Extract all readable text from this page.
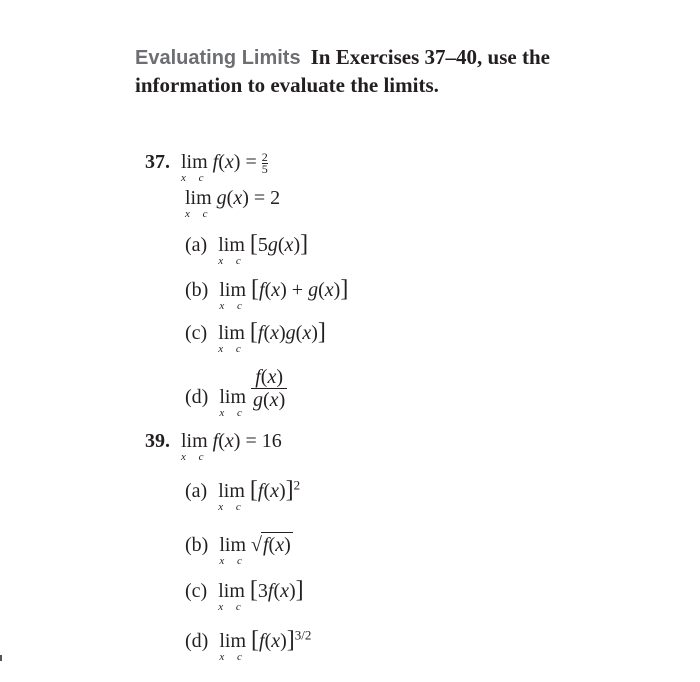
Evaluating Limits In Exercises 37–40, use the information to evaluate the limits.
37. lim
x c
$f(x) = \frac{2}{5}$
lim
x c
g(x) = 2
(a) lim
x c
[5g(x)]
(b) lim
x c
[f(x) + g(x)]
(c) lim
x c
[f(x)g(x)]
(d) lim
x c

$\frac{f(x)}{g(x)}$
39. lim
x c
f(x) = 16
(a) lim
x c
$[f(x)]^2$
(b) lim
x c
√f(x)
(c) lim
x c
[3f(x)]
(d) lim
x c
$[f(x)]^{3/2}$
